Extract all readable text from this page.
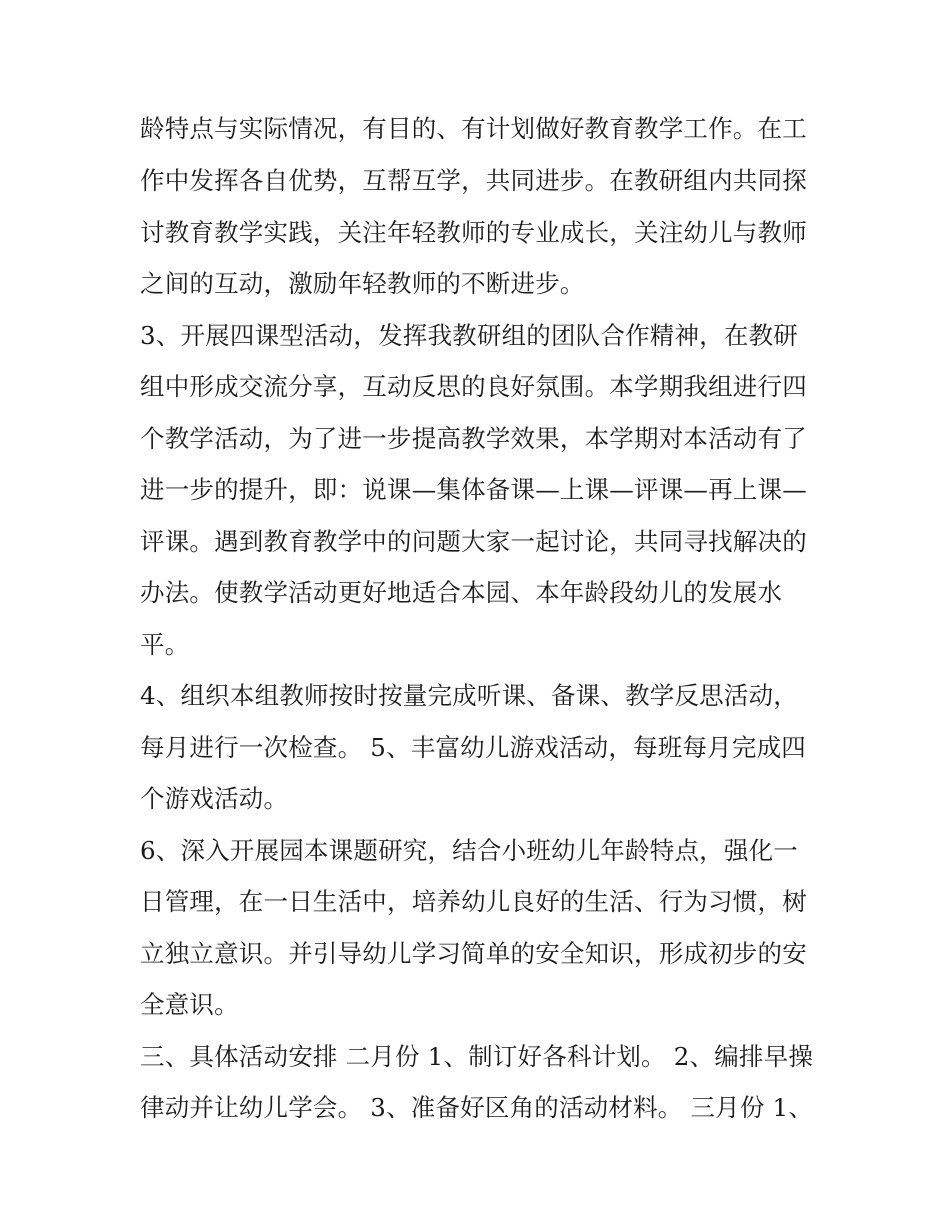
龄特点与实际情况，有目的、有计划做好教育教学工作。在工
作中发挥各自优势，互帮互学，共同进步。在教研组内共同探
讨教育教学实践，关注年轻教师的专业成长，关注幼儿与教师
之间的互动，激励年轻教师的不断进步。
3、开展四课型活动，发挥我教研组的团队合作精神，在教研
组中形成交流分享，互动反思的良好氛围。本学期我组进行四
个教学活动，为了进一步提高教学效果，本学期对本活动有了
进一步的提升，即：说课—集体备课—上课—评课—再上课—
评课。遇到教育教学中的问题大家一起讨论，共同寻找解决的
办法。使教学活动更好地适合本园、本年龄段幼儿的发展水
平。
4、组织本组教师按时按量完成听课、备课、教学反思活动，
每月进行一次检查。 5、丰富幼儿游戏活动，每班每月完成四
个游戏活动。
6、深入开展园本课题研究，结合小班幼儿年龄特点，强化一
日管理，在一日生活中，培养幼儿良好的生活、行为习惯，树
立独立意识。并引导幼儿学习简单的安全知识，形成初步的安
全意识。
三、具体活动安排 二月份 1、制订好各科计划。 2、编排早操
律动并让幼儿学会。 3、准备好区角的活动材料。 三月份 1、
